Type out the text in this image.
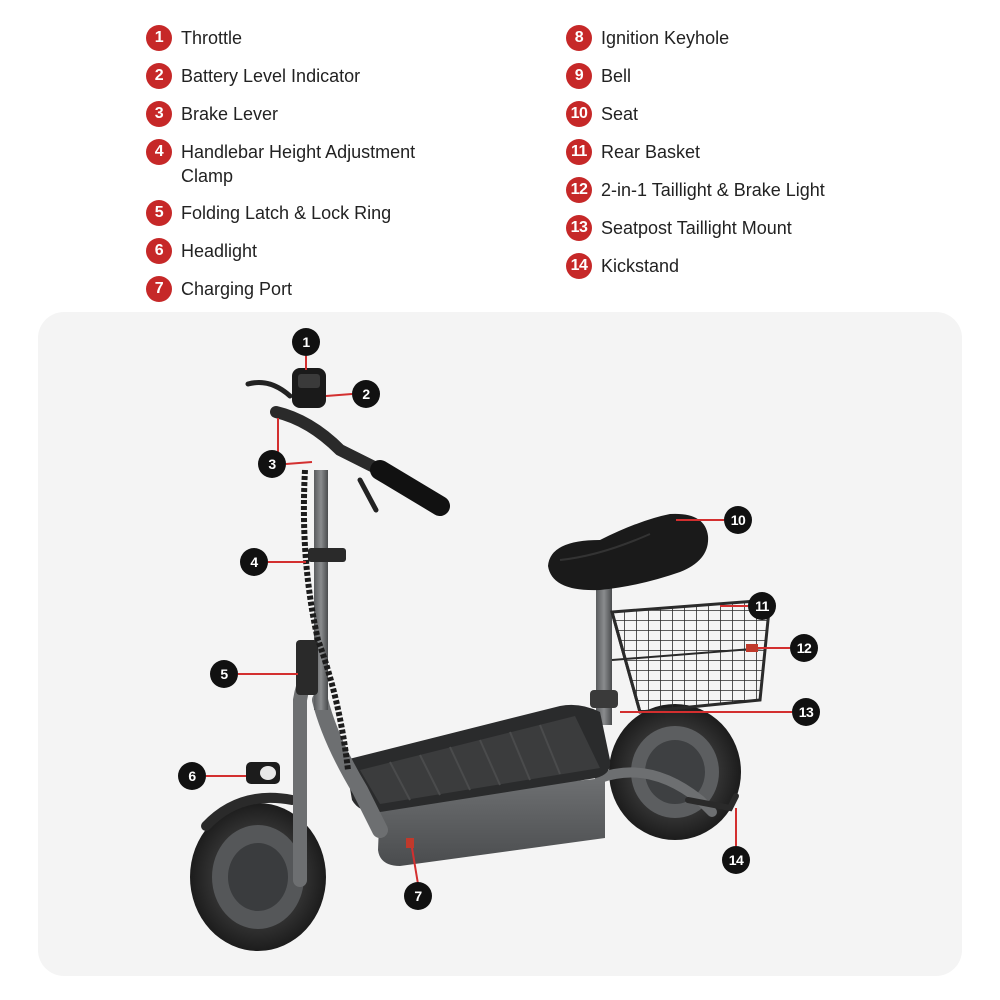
1 Throttle
2 Battery Level Indicator
3 Brake Lever
4 Handlebar Height Adjustment Clamp
5 Folding Latch & Lock Ring
6 Headlight
7 Charging Port
8 Ignition Keyhole
9 Bell
10 Seat
11 Rear Basket
12 2-in-1 Taillight & Brake Light
13 Seatpost Taillight Mount
14 Kickstand
1
2
3
4
5
6
7
10
11
12
13
14
